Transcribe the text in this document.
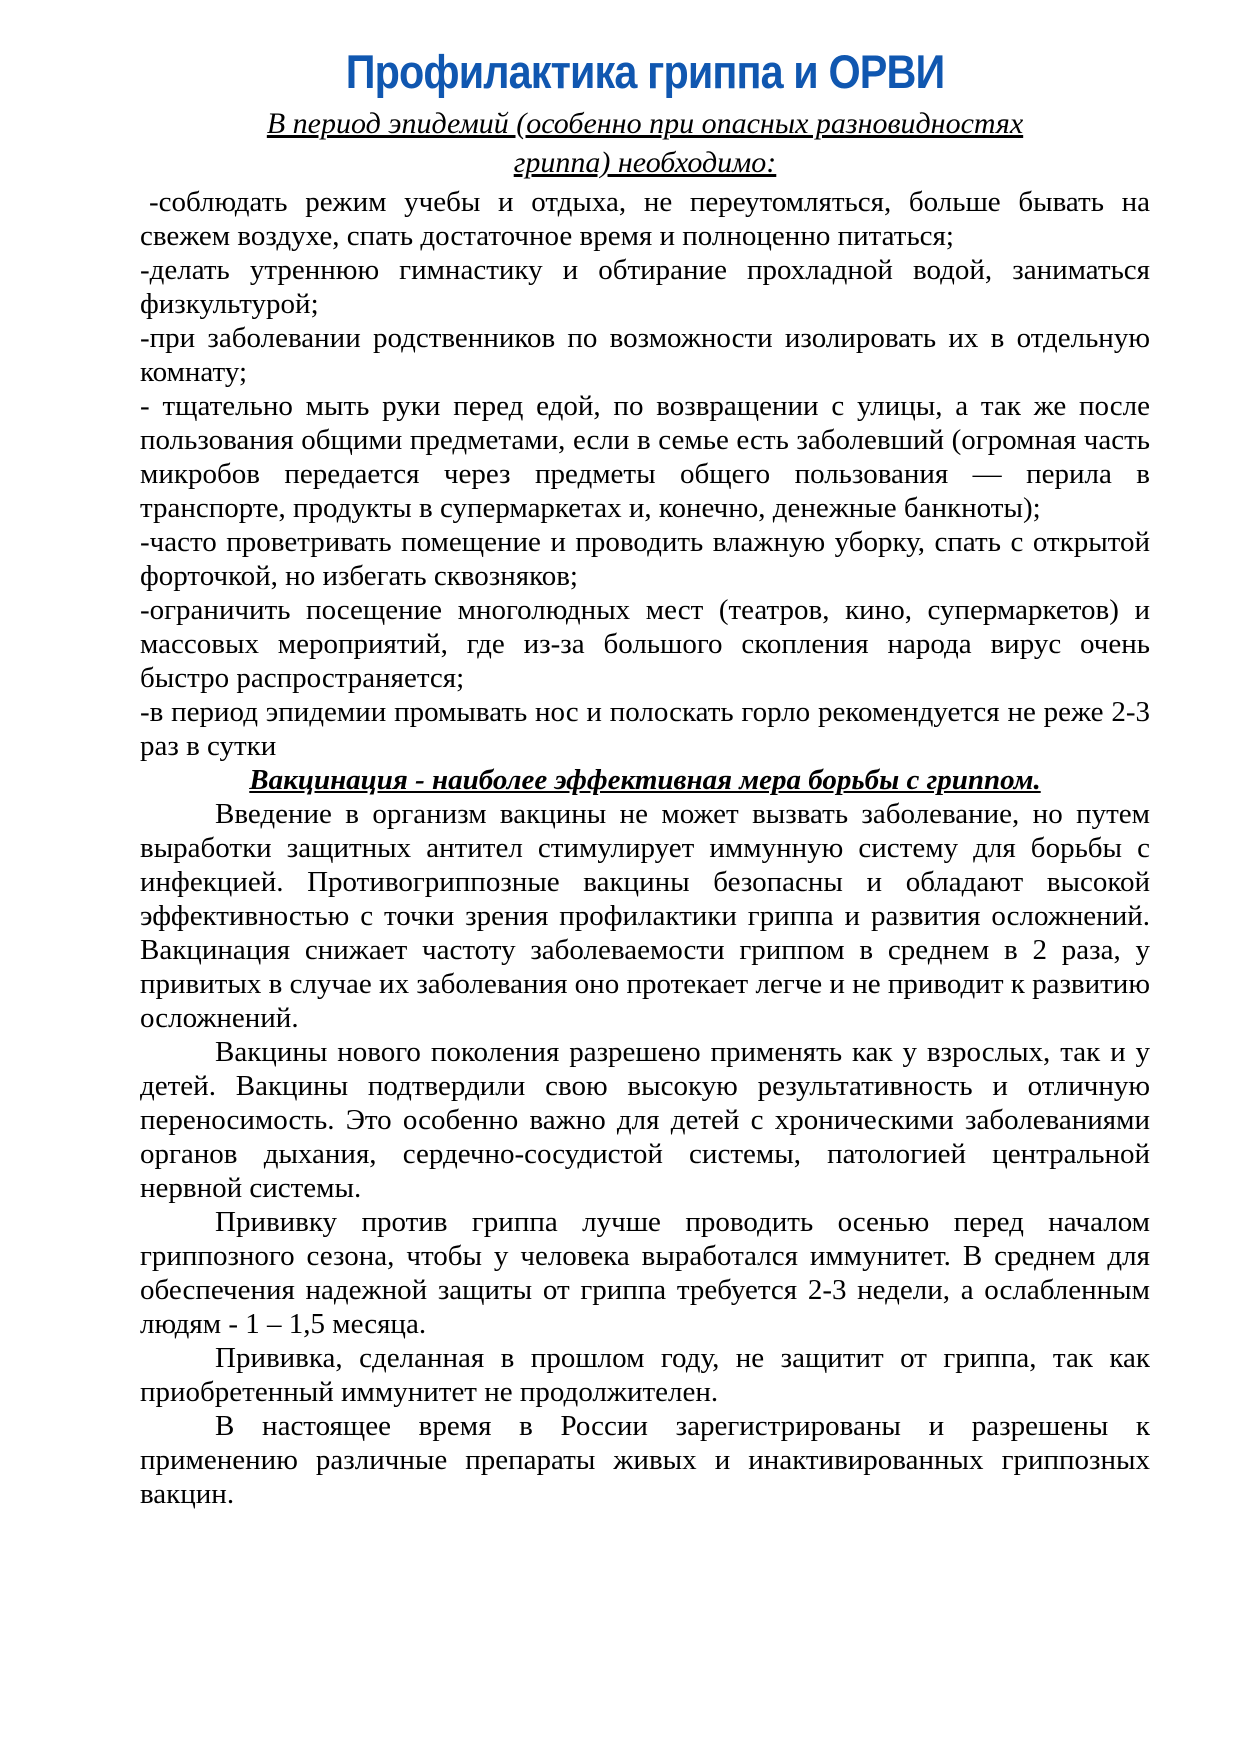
Профилактика гриппа и ОРВИ
В период эпидемий (особенно при опасных разновидностях
гриппа) необходимо:

-соблюдать режим учебы и отдыха, не переутомляться, больше бывать на свежем воздухе, спать достаточное время и полноценно питаться;

-делать утреннюю гимнастику и обтирание прохладной водой, заниматься физкультурой;

-при заболевании родственников по возможности изолировать их в отдельную комнату;

- тщательно мыть руки перед едой, по возвращении с улицы, а так же после пользования общими предметами, если в семье есть заболевший (огромная часть микробов передается через предметы общего пользования — перила в транспорте, продукты в супермаркетах и, конечно, денежные банкноты);

-часто проветривать помещение и проводить влажную уборку, спать с открытой форточкой, но избегать сквозняков;

-ограничить посещение многолюдных мест (театров, кино, супермаркетов) и массовых мероприятий, где из-за большого скопления народа вирус очень быстро распространяется;

-в период эпидемии промывать нос и полоскать горло рекомендуется не реже 2-3 раз в сутки

Вакцинация - наиболее эффективная мера борьбы с гриппом.

Введение в организм вакцины не может вызвать заболевание, но путем выработки защитных антител стимулирует иммунную систему для борьбы с инфекцией. Противогриппозные вакцины безопасны и обладают высокой эффективностью с точки зрения профилактики гриппа и развития осложнений. Вакцинация снижает частоту заболеваемости гриппом в среднем в 2 раза, у привитых в случае их заболевания оно протекает легче и не приводит к развитию осложнений.

Вакцины нового поколения разрешено применять как у взрослых, так и у детей. Вакцины подтвердили свою высокую результативность и отличную переносимость. Это особенно важно для детей с хроническими заболеваниями органов дыхания, сердечно-сосудистой системы, патологией центральной нервной системы.

Прививку против гриппа лучше проводить осенью перед началом гриппозного сезона, чтобы у человека выработался иммунитет. В среднем для обеспечения надежной защиты от гриппа требуется 2-3 недели, а ослабленным людям - 1 – 1,5 месяца.

Прививка, сделанная в прошлом году, не защитит от гриппа, так как приобретенный иммунитет не продолжителен.

В настоящее время в России зарегистрированы и разрешены к применению различные препараты живых и инактивированных гриппозных вакцин.
